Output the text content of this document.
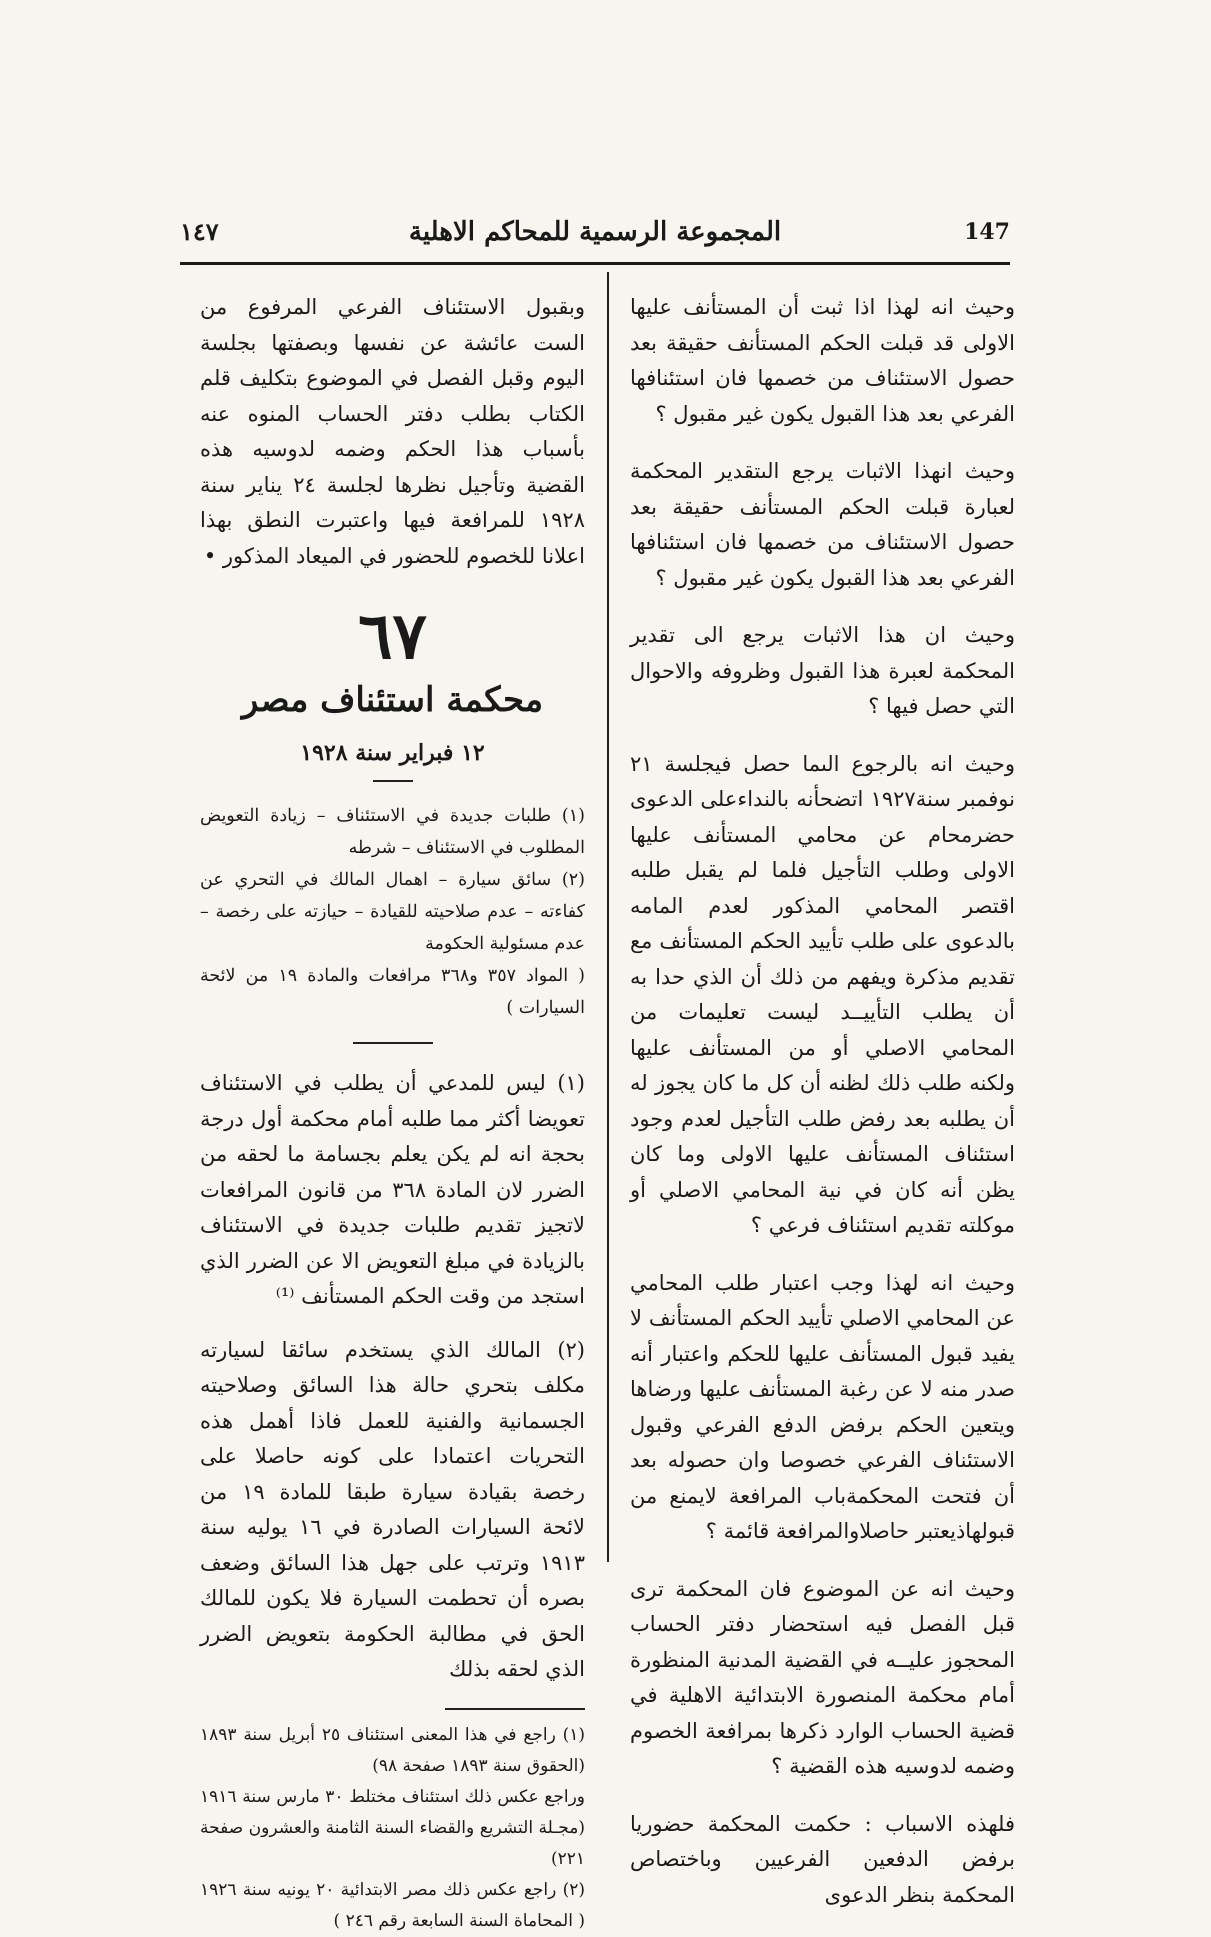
147
المجموعة الرسمية للمحاكم الاهلية
١٤٧

وحيث انه لهذا اذا ثبت أن المستأنف عليها الاولى قد قبلت الحكم المستأنف حقيقة بعد حصول الاستئناف من خصمها فان استئنافها الفرعي بعد هذا القبول يكون غير مقبول ؟

وحيث انهذا الاثبات يرجع الىتقدير المحكمة لعبارة قبلت الحكم المستأنف حقيقة بعد حصول الاستئناف من خصمها فان استئنافها الفرعي بعد هذا القبول يكون غير مقبول ؟

وحيث ان هذا الاثبات يرجع الى تقدير المحكمة لعبرة هذا القبول وظروفه والاحوال التي حصل فيها ؟

وحيث انه بالرجوع الىما حصل فيجلسة ٢١ نوفمبر سنة١٩٢٧ اتضحأنه بالنداءعلى الدعوى حضرمحام عن محامي المستأنف عليها الاولى وطلب التأجيل فلما لم يقبل طلبه اقتصر المحامي المذكور لعدم المامه بالدعوى على طلب تأييد الحكم المستأنف مع تقديم مذكرة ويفهم من ذلك أن الذي حدا به أن يطلب التأييــد ليست تعليمات من المحامي الاصلي أو من المستأنف عليها ولكنه طلب ذلك لظنه أن كل ما كان يجوز له أن يطلبه بعد رفض طلب التأجيل لعدم وجود استئناف المستأنف عليها الاولى وما كان يظن أنه كان في نية المحامي الاصلي أو موكلته تقديم استئناف فرعي ؟

وحيث انه لهذا وجب اعتبار طلب المحامي عن المحامي الاصلي تأييد الحكم المستأنف لا يفيد قبول المستأنف عليها للحكم واعتبار أنه صدر منه لا عن رغبة المستأنف عليها ورضاها ويتعين الحكم برفض الدفع الفرعي وقبول الاستئناف الفرعي خصوصا وان حصوله بعد أن فتحت المحكمةباب المرافعة لايمنع من قبولهاذيعتبر حاصلاوالمرافعة قائمة ؟

وحيث انه عن الموضوع فان المحكمة ترى قبل الفصل فيه استحضار دفتر الحساب المحجوز عليــه في القضية المدنية المنظورة أمام محكمة المنصورة الابتدائية الاهلية في قضية الحساب الوارد ذكرها بمرافعة الخصوم وضمه لدوسيه هذه القضية ؟

فلهذه الاسباب : حكمت المحكمة حضوريا برفض الدفعين الفرعيين وباختصاص المحكمة بنظر الدعوى

وبقبول الاستئناف الفرعي المرفوع من الست عائشة عن نفسها وبصفتها بجلسة اليوم وقبل الفصل في الموضوع بتكليف قلم الكتاب بطلب دفتر الحساب المنوه عنه بأسباب هذا الحكم وضمه لدوسيه هذه القضية وتأجيل نظرها لجلسة ٢٤ يناير سنة ١٩٢٨ للمرافعة فيها واعتبرت النطق بهذا اعلانا للخصوم للحضور في الميعاد المذكور •

٦٧
محكمة استئناف مصر
١٢ فبراير سنة ١٩٢٨

(١) طلبات جديدة في الاستئناف – زيادة التعويض المطلوب في الاستئناف – شرطه

(٢) سائق سيارة – اهمال المالك في التحري عن كفاءته – عدم صلاحيته للقيادة – حيازته على رخصة – عدم مسئولية الحكومة

( المواد ٣٥٧ و٣٦٨ مرافعات والمادة ١٩ من لائحة السيارات )

(١) ليس للمدعي أن يطلب في الاستئناف تعويضا أكثر مما طلبه أمام محكمة أول درجة بحجة انه لم يكن يعلم بجسامة ما لحقه من الضرر لان المادة ٣٦٨ من قانون المرافعات لاتجيز تقديم طلبات جديدة في الاستئناف بالزيادة في مبلغ التعويض الا عن الضرر الذي استجد من وقت الحكم المستأنف ⁽¹⁾

(٢) المالك الذي يستخدم سائقا لسيارته مكلف بتحري حالة هذا السائق وصلاحيته الجسمانية والفنية للعمل فاذا أهمل هذه التحريات اعتمادا على كونه حاصلا على رخصة بقيادة سيارة طبقا للمادة ١٩ من لائحة السيارات الصادرة في ١٦ يوليه سنة ١٩١٣ وترتب على جهل هذا السائق وضعف بصره أن تحطمت السيارة فلا يكون للمالك الحق في مطالبة الحكومة بتعويض الضرر الذي لحقه بذلك

(١) راجع في هذا المعنى استئناف ٢٥ أبريل سنة ١٨٩٣ (الحقوق سنة ١٨٩٣ صفحة ٩٨)

وراجع عكس ذلك استئناف مختلط ٣٠ مارس سنة ١٩١٦ (مجـلة التشريع والقضاء السنة الثامنة والعشرون صفحة ٢٢١)

(٢) راجع عكس ذلك مصر الابتدائية ٢٠ يونيه سنة ١٩٢٦ ( المحاماة السنة السابعة رقم ٢٤٦ )
